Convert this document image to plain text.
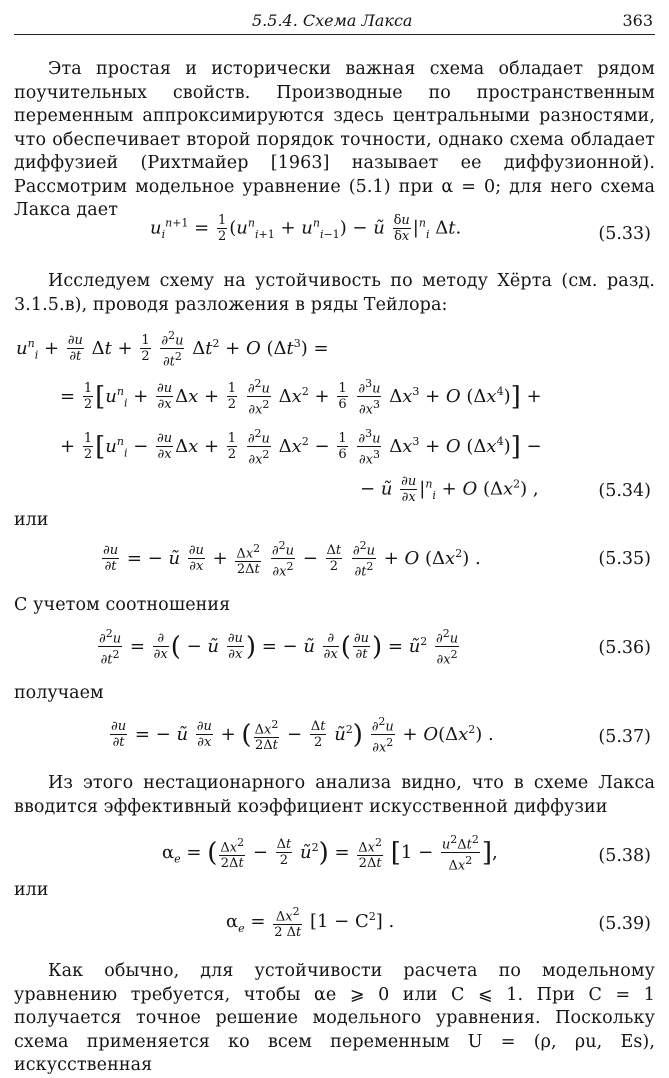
5.5.4. Схема Лакса	363

Эта простая и исторически важная схема обладает рядом поучительных свойств. Производные по пространственным переменным аппроксимируются здесь центральными разностями, что обеспечивает второй порядок точности, однако схема обладает диффузией (Рихтмайер [1963] называет ее диффузионной). Рассмотрим модельное уравнение (5.1) при α = 0; для него схема Лакса дает

$u_i^{n+1} = \frac{1}{2} (u^n_{i+1} + u^n_{i-1})$ − ũ $\frac{\delta u}{\delta x} |^n_i$ Δt.	(5.33)

Исследуем схему на устойчивость по методу Хёрта (см. разд. 3.1.5.в), проводя разложения в ряды Тейлора:

$u^n_i + \frac{\partial u}{\partial t}$ $\Delta t + \frac{1}{2}$
$\frac{\partial^2u}{\partial t^2} \Delta t^2 + O$ $(\Delta t^3)$ =
= $\frac{1}{2} [u^n_i + \frac{\partial u}{\partial x}$ $\Delta x + \frac{1}{2}$
$\frac{\partial^2u}{\partial x^2} \Delta x^2 + \frac{1}{6}$
$\frac{\partial^3u}{\partial x^3} \Delta x^3 + O$ $(\Delta x^4)$] +
+ $\frac{1}{2} [u^n_i - \frac{\partial u}{\partial x}$ $\Delta x + \frac{1}{2}$
$\frac{\partial^2u}{\partial x^2} \Delta x^2 - \frac{1}{6}$
$\frac{\partial^3u}{\partial x^3} \Delta x^3 + O$ $(\Delta x^4)$] −
− ũ $\frac{\partial u}{\partial x} |^n_i + O$ $(\Delta x^2)$ ,	(5.34)
или
$\frac{\partial u}{\partial t}$ = − ũ $\frac{\partial u}{\partial x} + \frac{\Delta x^2}{2\Delta t}$
$\frac{\partial^2u}{\partial x^2} - \frac{\Delta t}{2}$
$\frac{\partial^2u}{\partial t^2} + O$ $(\Delta x^2)$ .	(5.35)

С учетом соотношения

$\frac{\partial^2u}{\partial t^2} = \frac{\partial}{\partial x}$ ( − ũ $\frac{\partial u}{\partial x}$ ) = − ũ $\frac{\partial}{\partial x}$ ( $\frac{\partial u}{\partial t}$ ) = $ũ^2 \frac{\partial^2u}{\partial x^2}$	(5.36)
получаем
$\frac{\partial u}{\partial t}$ = − ũ $\frac{\partial u}{\partial x}$ + ( $\frac{\Delta x^2}{2\Delta t} - \frac{\Delta t}{2}$ $ũ^2) \frac{\partial^2u}{\partial x^2} + O(\Delta x^2)$ .	(5.37)

Из этого нестационарного анализа видно, что в схеме Лакса вводится эффективный коэффициент искусственной диффузии

$\alpha_e$ = ( $\frac{\Delta x^2}{2\Delta t} - \frac{\Delta t}{2}$ $ũ^2) = \frac{\Delta x^2}{2\Delta t} [1 - \frac{u^2\Delta t^2}{\Delta x^2}$ ],	(5.38)
или
$\alpha_e = \frac{\Delta x^2}{2 \Delta t} [1 - C^2]$ .	(5.39)

Как обычно, для устойчивости расчета по модельному уравнению требуется, чтобы αe ⩾ 0 или C ⩽ 1. При C = 1 получается точное решение модельного уравнения. Поскольку схема применяется ко всем переменным U = (ρ, ρu, Es), искусственная
